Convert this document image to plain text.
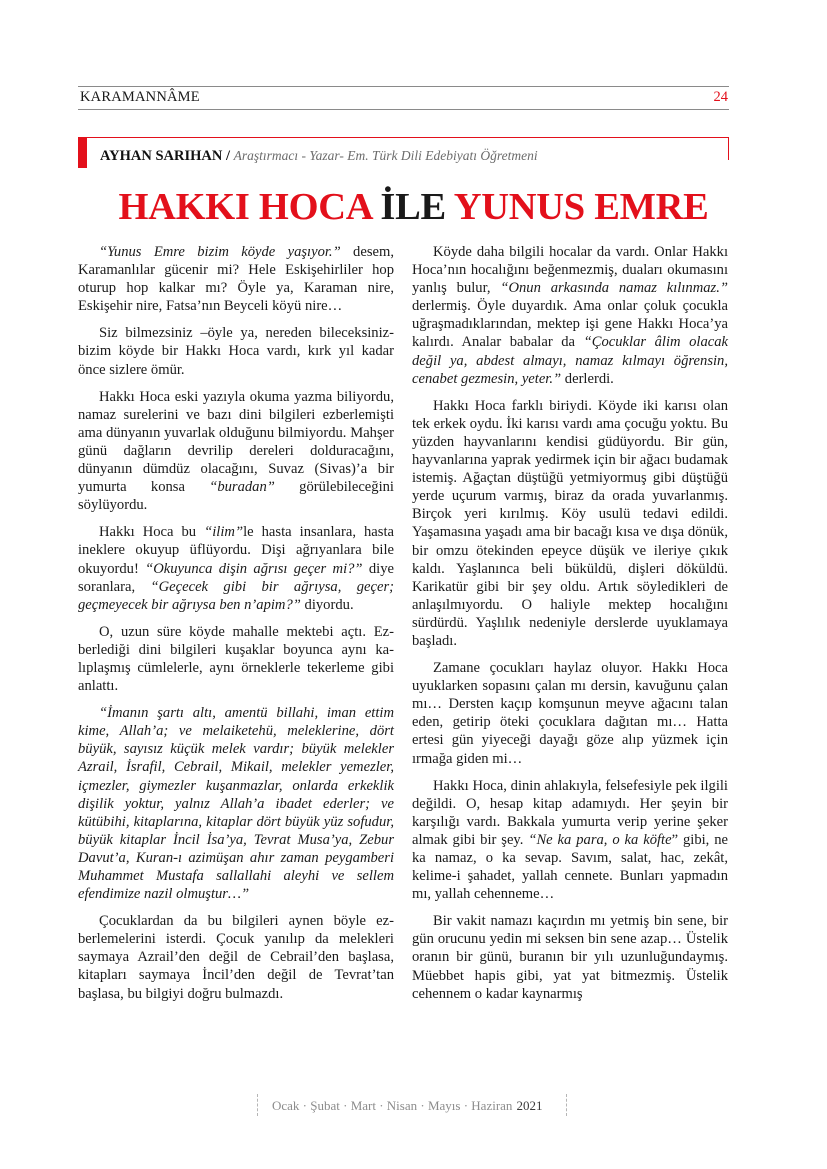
KARAMANNÂME	24
AYHAN SARIHAN / Araştırmacı - Yazar- Em. Türk Dili Edebiyatı Öğretmeni
HAKKI HOCA İLE YUNUS EMRE

“Yunus Emre bizim köyde yaşıyor.” desem, Karamanlılar gücenir mi? Hele Eskişehirliler hop oturup hop kalkar mı? Öyle ya, Karaman nire, Eskişehir nire, Fatsa’nın Beyceli köyü nire…

Siz bilmezsiniz –öyle ya, nereden bileceksiniz- bizim köyde bir Hakkı Hoca vardı, kırk yıl kadar önce sizlere ömür.

Hakkı Hoca eski yazıyla okuma yazma biliyordu, namaz surelerini ve bazı dini bilgileri ezberlemişti ama dünyanın yuvarlak olduğunu bilmiyordu. Mahşer günü dağların devrilip dereleri dolduracağını, dünyanın dümdüz olacağını, Suvaz (Sivas)’a bir yumurta konsa “buradan” görülebileceğini söylüyordu.

Hakkı Hoca bu “ilim”le hasta insanlara, hasta ineklere okuyup üflüyordu. Dişi ağrıyanlara bile okuyordu! “Okuyunca dişin ağrısı geçer mi?” diye soranlara, “Geçecek gibi bir ağrıysa, geçer; geçmeyecek bir ağrıysa ben n’apim?” diyordu.

O, uzun süre köyde mahalle mektebi açtı. Ezberlediği dini bilgileri kuşaklar boyunca aynı kalıplaşmış cümlelerle, aynı örneklerle tekerleme gibi anlattı.

“İmanın şartı altı, amentü billahi, iman ettim kime, Allah’a; ve melaiketehü, meleklerine, dört büyük, sayısız küçük melek vardır; büyük melekler Azrail, İsrafil, Cebrail, Mikail, melekler yemezler, içmezler, giymezler kuşanmazlar, onlarda erkeklik dişilik yoktur, yalnız Allah’a ibadet ederler; ve kütübihi, kitaplarına, kitaplar dört büyük yüz sofudur, büyük kitaplar İncil İsa’ya, Tevrat Musa’ya, Zebur Davut’a, Kuran-ı azimüşan ahır zaman peygamberi Muhammet Mustafa sallallahi aleyhi ve sellem efendimize nazil olmuştur…”

Çocuklardan da bu bilgileri aynen böyle ezberlemelerini isterdi. Çocuk yanılıp da melekleri saymaya Azrail’den değil de Cebrail’den başlasa, kitapları saymaya İncil’den değil de Tevrat’tan başlasa, bu bilgiyi doğru bulmazdı.

Köyde daha bilgili hocalar da vardı. Onlar Hakkı Hoca’nın hocalığını beğenmezmiş, duaları okumasını yanlış bulur, “Onun arkasında namaz kılınmaz.” derlermiş. Öyle duyardık. Ama onlar çoluk çocukla uğraşmadıklarından, mektep işi gene Hakkı Hoca’ya kalırdı. Analar babalar da “Çocuklar âlim olacak değil ya, abdest almayı, namaz kılmayı öğrensin, cenabet gezmesin, yeter.” derlerdi.

Hakkı Hoca farklı biriydi. Köyde iki karısı olan tek erkek oydu. İki karısı vardı ama çocuğu yoktu. Bu yüzden hayvanlarını kendisi güdüyordu. Bir gün, hayvanlarına yaprak yedirmek için bir ağacı budamak istemiş. Ağaçtan düştüğü yetmiyormuş gibi düştüğü yerde uçurum varmış, biraz da orada yuvarlanmış. Birçok yeri kırılmış. Köy usulü tedavi edildi. Yaşamasına yaşadı ama bir bacağı kısa ve dışa dönük, bir omzu ötekinden epeyce düşük ve ileriye çıkık kaldı. Yaşlanınca beli büküldü, dişleri döküldü. Karikatür gibi bir şey oldu. Artık söyledikleri de anlaşılmıyordu. O haliyle mektep hocalığını sürdürdü. Yaşlılık nedeniyle derslerde uyuklamaya başladı.

Zamane çocukları haylaz oluyor. Hakkı Hoca uyuklarken sopasını çalan mı dersin, kavuğunu çalan mı… Dersten kaçıp komşunun meyve ağacını talan eden, getirip öteki çocuklara dağıtan mı… Hatta ertesi gün yiyeceği dayağı göze alıp yüzmek için ırmağa giden mi…

Hakkı Hoca, dinin ahlakıyla, felsefesiyle pek ilgili değildi. O, hesap kitap adamıydı. Her şeyin bir karşılığı vardı. Bakkala yumurta verip yerine şeker almak gibi bir şey. “Ne ka para, o ka köfte” gibi, ne ka namaz, o ka sevap. Savım, salat, hac, zekât, kelime-i şahadet, yallah cennete. Bunları yapmadın mı, yallah cehenneme…

Bir vakit namazı kaçırdın mı yetmiş bin sene, bir gün orucunu yedin mi seksen bin sene azap… Üstelik oranın bir günü, buranın bir yılı uzunluğundaymış. Müebbet hapis gibi, yat yat bitmezmiş. Üstelik cehennem o kadar kaynarmış

Ocak · Şubat · Mart · Nisan · Mayıs · Haziran 2021
